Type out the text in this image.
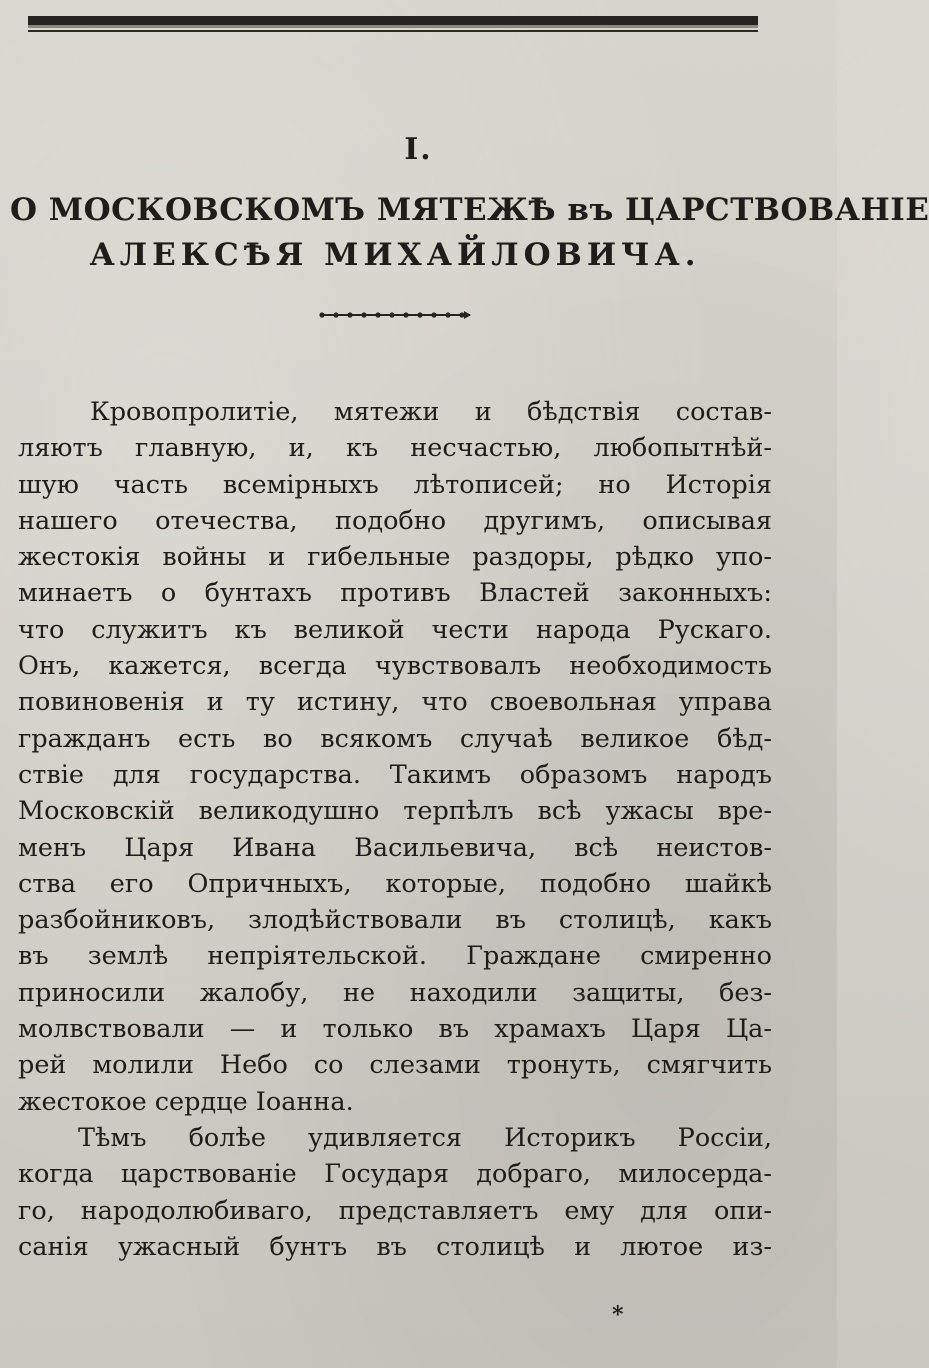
I.
О МОСКОВСКОМЪ МЯТЕЖѢ въ ЦАРСТВОВАНІЕ
АЛЕКСѢЯ МИХАЙЛОВИЧА.
Кровопролитіе, мятежи и бѣдствія состав-
ляютъ главную, и, къ несчастью, любопытнѣй-
шую часть всемірныхъ лѣтописей; но Исторія
нашего отечества, подобно другимъ, описывая
жестокія войны и гибельные раздоры, рѣдко упо-
минаетъ о бунтахъ противъ Властей законныхъ:
что служитъ къ великой чести народа Рускаго.
Онъ, кажется, всегда чувствовалъ необходимость
повиновенія и ту истину, что своевольная управа
гражданъ есть во всякомъ случаѣ великое бѣд-
ствіе для государства. Такимъ образомъ народъ
Московскій великодушно терпѣлъ всѣ ужасы вре-
менъ Царя Ивана Васильевича, всѣ неистов-
ства его Опричныхъ, которые, подобно шайкѣ
разбойниковъ, злодѣйствовали въ столицѣ, какъ
въ землѣ непріятельской. Граждане смиренно
приносили жалобу, не находили защиты, без-
молвствовали — и только въ храмахъ Царя Ца-
рей молили Небо со слезами тронуть, смягчить
жестокое сердце Іоанна.
Тѣмъ болѣе удивляется Историкъ Россіи,
когда царствованіе Государя добраго, милосерда-
го, народолюбиваго, представляетъ ему для опи-
санія ужасный бунтъ въ столицѣ и лютое из-
*
